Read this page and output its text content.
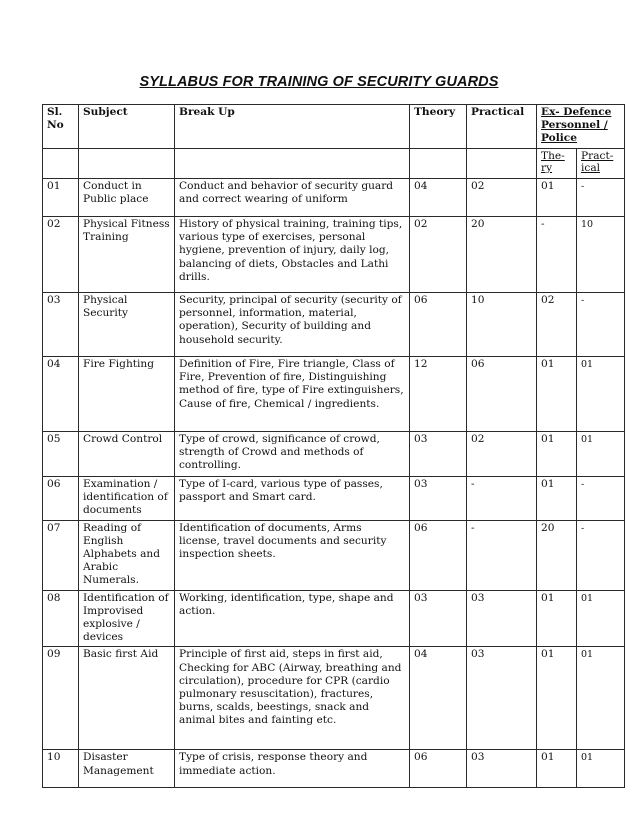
SYLLABUS FOR TRAINING OF SECURITY GUARDS
Sl. No	Subject	Break Up	Theory	Practical	Ex- Defence Personnel / Police	
					The-ry	Pract-ical
01	Conduct in Public place	Conduct and behavior of security guard and correct wearing of uniform	04	02	01	-
02	Physical Fitness Training	History of physical training, training tips, various type of exercises, personal hygiene, prevention of injury, daily log, balancing of diets, Obstacles and Lathi drills.	02	20	-	10
03	Physical Security	Security, principal of security (security of personnel, information, material, operation), Security of building and household security.	06	10	02	-
04	Fire Fighting	Definition of Fire, Fire triangle, Class of Fire, Prevention of fire, Distinguishing method of fire, type of Fire extinguishers, Cause of fire, Chemical / ingredients.	12	06	01	01
05	Crowd Control	Type of crowd, significance of crowd, strength of Crowd and methods of controlling.	03	02	01	01
06	Examination / identification of documents	Type of I-card, various type of passes, passport and Smart card.	03	-	01	-
07	Reading of English Alphabets and Arabic Numerals.	Identification of documents, Arms license, travel documents and security inspection sheets.	06	-	20	-
08	Identification of Improvised explosive / devices	Working, identification, type, shape and action.	03	03	01	01
09	Basic first Aid	Principle of first aid, steps in first aid, Checking for ABC (Airway, breathing and circulation), procedure for CPR (cardio pulmonary resuscitation), fractures, burns, scalds, beestings, snack and animal bites and fainting etc.	04	03	01	01
10	Disaster Management	Type of crisis, response theory and immediate action.	06	03	01	01
